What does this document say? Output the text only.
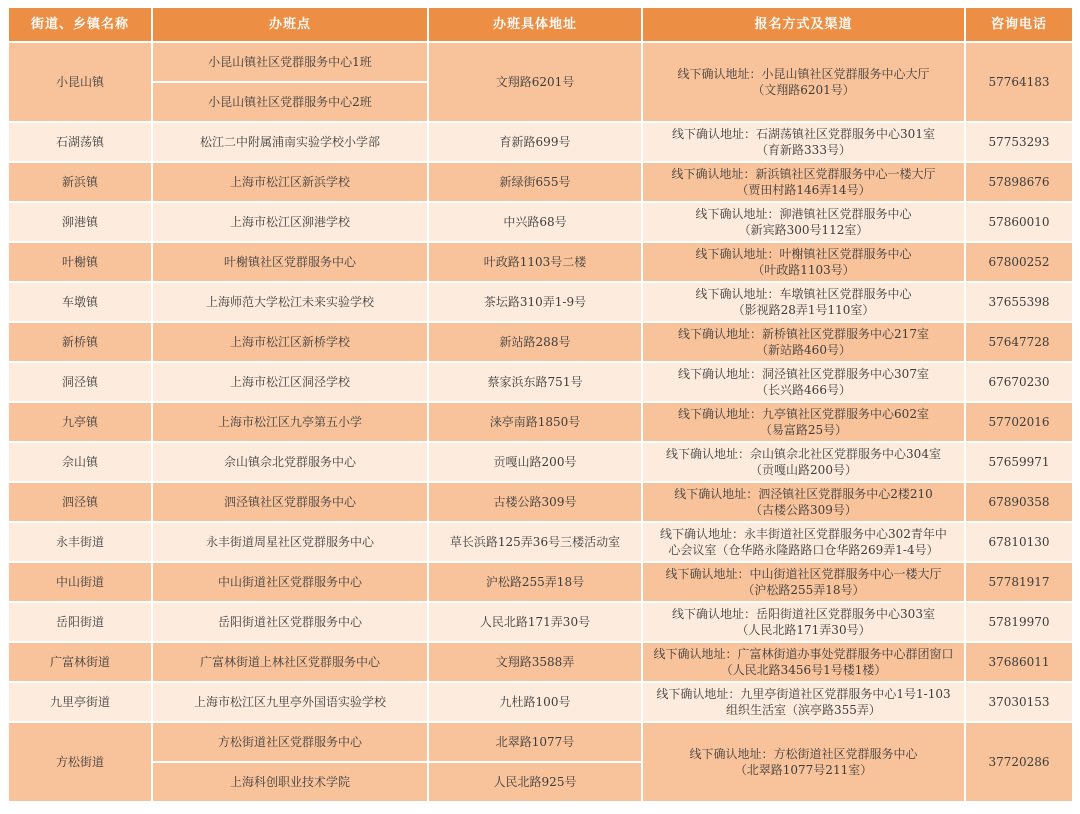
街道、乡镇名称	办班点	办班具体地址	报名方式及渠道	咨询电话
小昆山镇	小昆山镇社区党群服务中心1班	文翔路6201号	线下确认地址：小昆山镇社区党群服务中心大厅
（文翔路6201号）	57764183
	小昆山镇社区党群服务中心2班			
石湖荡镇	松江二中附属浦南实验学校小学部	育新路699号	线下确认地址：石湖荡镇社区党群服务中心301室
（育新路333号）	57753293
新浜镇	上海市松江区新浜学校	新绿街655号	线下确认地址：新浜镇社区党群服务中心一楼大厅
（贾田村路146弄14号）	57898676
泖港镇	上海市松江区泖港学校	中兴路68号	线下确认地址：泖港镇社区党群服务中心
（新宾路300号112室）	57860010
叶榭镇	叶榭镇社区党群服务中心	叶政路1103号二楼	线下确认地址：叶榭镇社区党群服务中心
（叶政路1103号）	67800252
车墩镇	上海师范大学松江未来实验学校	茶坛路310弄1-9号	线下确认地址：车墩镇社区党群服务中心
（影视路28弄1号110室）	37655398
新桥镇	上海市松江区新桥学校	新站路288号	线下确认地址：新桥镇社区党群服务中心217室
（新站路460号）	57647728
洞泾镇	上海市松江区洞泾学校	蔡家浜东路751号	线下确认地址：洞泾镇社区党群服务中心307室
（长兴路466号）	67670230
九亭镇	上海市松江区九亭第五小学	涞亭南路1850号	线下确认地址：九亭镇社区党群服务中心602室
（易富路25号）	57702016
佘山镇	佘山镇佘北党群服务中心	贡嘎山路200号	线下确认地址：佘山镇佘北社区党群服务中心304室
（贡嘎山路200号）	57659971
泗泾镇	泗泾镇社区党群服务中心	古楼公路309号	线下确认地址：泗泾镇社区党群服务中心2楼210
（古楼公路309号）	67890358
永丰街道	永丰街道周星社区党群服务中心	草长浜路125弄36号三楼活动室	线下确认地址：永丰街道社区党群服务中心302青年中
心会议室（仓华路永隆路路口仓华路269弄1-4号）	67810130
中山街道	中山街道社区党群服务中心	沪松路255弄18号	线下确认地址：中山街道社区党群服务中心一楼大厅
（沪松路255弄18号）	57781917
岳阳街道	岳阳街道社区党群服务中心	人民北路171弄30号	线下确认地址：岳阳街道社区党群服务中心303室
（人民北路171弄30号）	57819970
广富林街道	广富林街道上林社区党群服务中心	文翔路3588弄	线下确认地址：广富林街道办事处党群服务中心群团窗口
（人民北路3456号1号楼1楼）	37686011
九里亭街道	上海市松江区九里亭外国语实验学校	九杜路100号	线下确认地址：九里亭街道社区党群服务中心1号1-103
组织生活室（滨亭路355弄）	37030153
方松街道	方松街道社区党群服务中心	北翠路1077号	线下确认地址：方松街道社区党群服务中心
（北翠路1077号211室）	37720286
	上海科创职业技术学院	人民北路925号		
